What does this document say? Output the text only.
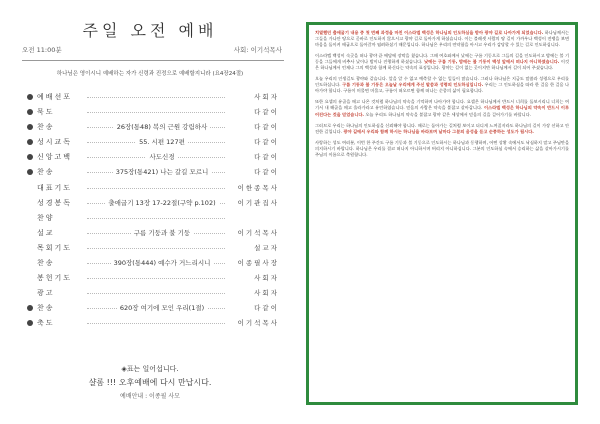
주일 오전 예배
오전 11:00분	사회: 이기석목사
하나님은 영이시니 예배하는 자가 신령과 진정으로 예배할지니라 (요4장24절)
예배선포	사회자
묵도	다같이
찬송	26장(통48) 복의 근원 강림하사	다같이
성시교독	55. 시편 127편	다같이
신앙고백	사도신경	다같이
찬송	375장(통421) 나는 갈길 모르니	다같이
대표기도	이한종목사
성경봉독	출애굽기 13장 17-22절(구약 p.102)	이기관집사
찬양
설교	구름 기둥과 불 기둥	이기석목사
목회기도	설교자
찬송	390장(통444) 예수가 거느리시니	이종필사장
봉헌기도	사회자
광고	사회자
찬송	620장 여기에 모인 우리(1절)	다같이
축도	이기석목사
◈표는 일어섭니다.
샬롬 !!! 오후예배에 다시 만납시다.
예배안내 : 이종필 사모

치열했던 출애굽기 내용 중 첫 번째 과정을 마친 이스라엘 백성은 하나님의 인도하심을 받아 광야 길로 나아가게 되었습니다. 하나님께서는 그들을 가나안 땅으로 곧바로 인도하지 않으시고 광야 길로 돌아가게 하셨습니다. 이는 블레셋 사람의 땅 길이 가까우나 백성이 전쟁을 보면 마음을 돌이켜 애굽으로 돌아갈까 염려하셨기 때문입니다. 하나님은 우리의 연약함을 아시고 우리가 감당할 수 있는 길로 인도하십니다.

이스라엘 백성이 숙곳을 떠나 광야 끝 에담에 장막을 쳤습니다. 그때 여호와께서 낮에는 구름 기둥으로 그들의 길을 인도하시고 밤에는 불 기둥을 그들에게 비추사 낮이나 밤이나 진행하게 하셨습니다. 낮에는 구름 기둥, 밤에는 불 기둥이 백성 앞에서 떠나지 아니하였습니다. 이것은 하나님께서 언제나 그의 백성과 함께 하신다는 약속의 표징입니다. 광야는 길이 없는 곳이지만 하나님께서 길이 되어 주셨습니다.

오늘 우리의 인생길도 광야와 같습니다. 앞을 알 수 없고 예측할 수 없는 일들이 많습니다. 그러나 하나님은 지금도 말씀과 성령으로 우리를 인도하십니다. 구름 기둥과 불 기둥은 오늘날 우리에게 주신 말씀과 성령의 인도하심입니다. 우리는 그 인도하심을 따라 한 걸음 한 걸음 나아가야 합니다. 구름이 머물면 머물고, 구름이 떠오르면 함께 떠나는 순종의 삶이 필요합니다.

또한 요셉의 유골을 메고 나온 것처럼 하나님의 약속을 기억하며 나아가야 합니다. 요셉은 하나님께서 반드시 너희를 돌보시리니 너희는 여기서 내 해골을 메고 올라가라고 유언하였습니다. 믿음의 사람은 약속을 붙잡고 살아갑니다. 이스라엘 백성은 하나님의 약속이 반드시 이루어진다는 것을 믿었습니다. 오늘 우리도 하나님의 약속을 붙잡고 광야 같은 세상에서 믿음의 길을 걸어가기를 바랍니다.

그러므로 우리는 하나님의 인도하심을 신뢰해야 합니다. 때로는 돌아가는 길처럼 보이고 더디게 느껴질지라도 하나님의 길이 가장 선하고 안전한 길입니다. 광야 길에서 우리와 함께 하시는 하나님을 바라보며 날마다 그분의 음성을 듣고 순종하는 성도가 됩시다.

사랑하는 성도 여러분, 이번 한 주간도 구름 기둥과 불 기둥으로 인도하시는 하나님과 동행하며, 어떤 상황 속에서도 낙심하지 말고 주님만을 의지하시기 바랍니다. 하나님은 우리를 결코 떠나지 아니하시며 버리지 아니하십니다. 그분의 인도하심 속에서 승리하는 삶을 살아가시기를 주님의 이름으로 축원합니다.
